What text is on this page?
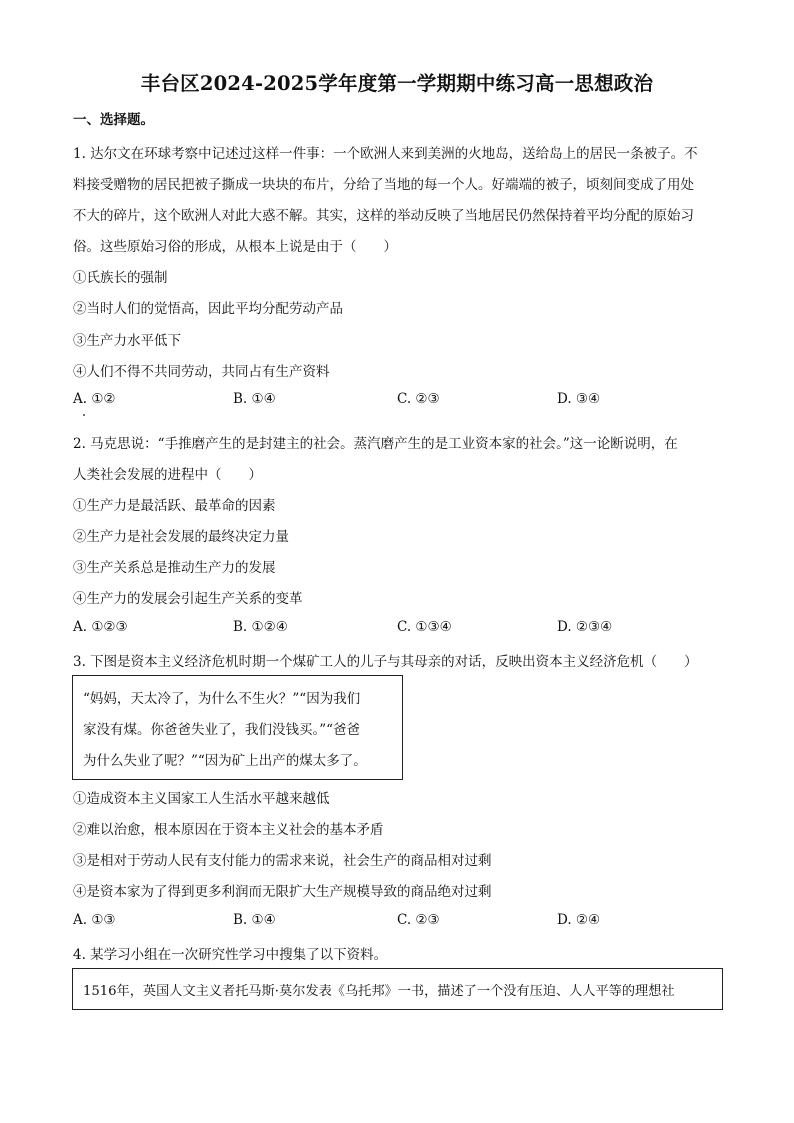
丰台区2024-2025学年度第一学期期中练习高一思想政治
一、选择题。
1. 达尔文在环球考察中记述过这样一件事：一个欧洲人来到美洲的火地岛，送给岛上的居民一条被子。不
料接受赠物的居民把被子撕成一块块的布片，分给了当地的每一个人。好端端的被子，顷刻间变成了用处
不大的碎片，这个欧洲人对此大惑不解。其实，这样的举动反映了当地居民仍然保持着平均分配的原始习
俗。这些原始习俗的形成，从根本上说是由于（　　）
①氏族长的强制
②当时人们的觉悟高，因此平均分配劳动产品
③生产力水平低下
④人们不得不共同劳动，共同占有生产资料
A. ①②	B. ①④	C. ②③	D. ③④
2. 马克思说：“手推磨产生的是封建主的社会。蒸汽磨产生的是工业资本家的社会。”这一论断说明，在
人类社会发展的进程中（　　）
①生产力是最活跃、最革命的因素
②生产力是社会发展的最终决定力量
③生产关系总是推动生产力的发展
④生产力的发展会引起生产关系的变革
A. ①②③	B. ①②④	C. ①③④	D. ②③④
3. 下图是资本主义经济危机时期一个煤矿工人的儿子与其母亲的对话，反映出资本主义经济危机（　　）
“妈妈，天太冷了，为什么不生火？”“因为我们
家没有煤。你爸爸失业了，我们没钱买。”“爸爸
为什么失业了呢？”“因为矿上出产的煤太多了。
①造成资本主义国家工人生活水平越来越低
②难以治愈，根本原因在于资本主义社会的基本矛盾
③是相对于劳动人民有支付能力的需求来说，社会生产的商品相对过剩
④是资本家为了得到更多利润而无限扩大生产规模导致的商品绝对过剩
A. ①③	B. ①④	C. ②③	D. ②④
4. 某学习小组在一次研究性学习中搜集了以下资料。
1516年，英国人文主义者托马斯·莫尔发表《乌托邦》一书，描述了一个没有压迫、人人平等的理想社
